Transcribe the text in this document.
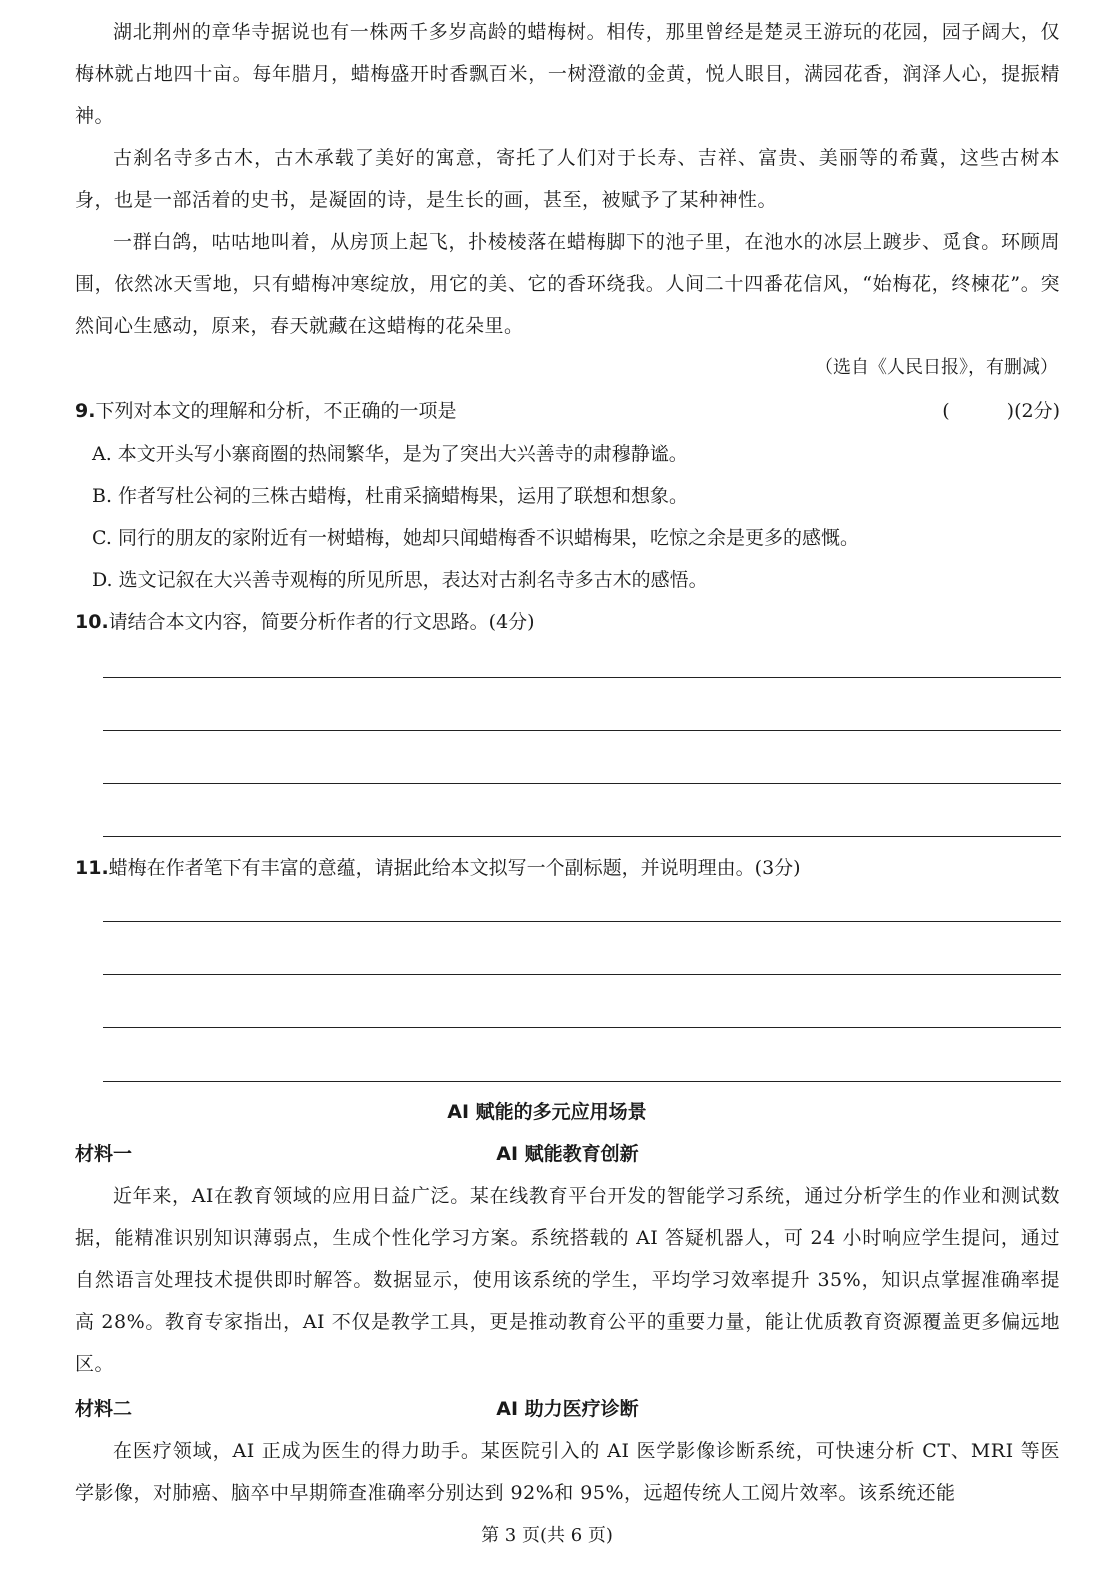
湖北荆州的章华寺据说也有一株两千多岁高龄的蜡梅树。相传，那里曾经是楚灵王游玩的花园，园子阔大，仅梅林就占地四十亩。每年腊月，蜡梅盛开时香飘百米，一树澄澈的金黄，悦人眼目，满园花香，润泽人心，提振精神。

古刹名寺多古木，古木承载了美好的寓意，寄托了人们对于长寿、吉祥、富贵、美丽等的希冀，这些古树本身，也是一部活着的史书，是凝固的诗，是生长的画，甚至，被赋予了某种神性。

一群白鸽，咕咕地叫着，从房顶上起飞，扑棱棱落在蜡梅脚下的池子里，在池水的冰层上踱步、觅食。环顾周围，依然冰天雪地，只有蜡梅冲寒绽放，用它的美、它的香环绕我。人间二十四番花信风，“始梅花，终楝花”。突然间心生感动，原来，春天就藏在这蜡梅的花朵里。

（选自《人民日报》，有删减）
9.下列对本文的理解和分析，不正确的一项是	(　　　)(2分)
A. 本文开头写小寨商圈的热闹繁华，是为了突出大兴善寺的肃穆静谧。
B. 作者写杜公祠的三株古蜡梅，杜甫采摘蜡梅果，运用了联想和想象。
C. 同行的朋友的家附近有一树蜡梅，她却只闻蜡梅香不识蜡梅果，吃惊之余是更多的感慨。
D. 选文记叙在大兴善寺观梅的所见所思，表达对古刹名寺多古木的感悟。
10.请结合本文内容，简要分析作者的行文思路。(4分)
11.蜡梅在作者笔下有丰富的意蕴，请据此给本文拟写一个副标题，并说明理由。(3分)
AI 赋能的多元应用场景
材料一	AI 赋能教育创新

近年来，AI在教育领域的应用日益广泛。某在线教育平台开发的智能学习系统，通过分析学生的作业和测试数据，能精准识别知识薄弱点，生成个性化学习方案。系统搭载的 AI 答疑机器人，可 24 小时响应学生提问，通过自然语言处理技术提供即时解答。数据显示，使用该系统的学生，平均学习效率提升 35%，知识点掌握准确率提高 28%。教育专家指出，AI 不仅是教学工具，更是推动教育公平的重要力量，能让优质教育资源覆盖更多偏远地区。

材料二	AI 助力医疗诊断

在医疗领域，AI 正成为医生的得力助手。某医院引入的 AI 医学影像诊断系统，可快速分析 CT、MRI 等医学影像，对肺癌、脑卒中早期筛查准确率分别达到 92%和 95%，远超传统人工阅片效率。该系统还能

第 3 页(共 6 页)
